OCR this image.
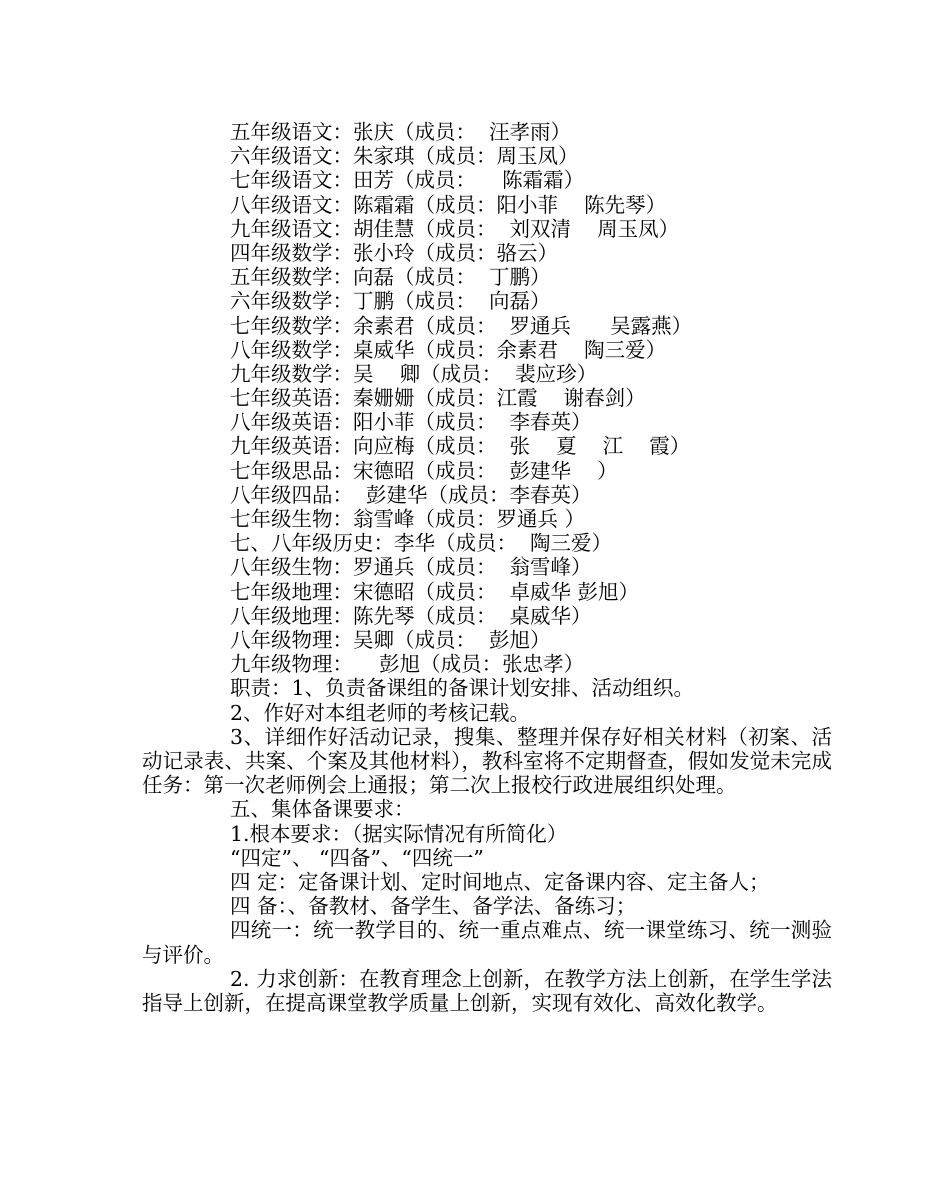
五年级语文：张庆（成员：  汪孝雨）
六年级语文：朱家琪（成员：周玉凤）
七年级语文：田芳（成员：    陈霜霜）
八年级语文：陈霜霜（成员：阳小菲    陈先琴）
九年级语文：胡佳慧（成员：  刘双清    周玉凤）
四年级数学：张小玲（成员：骆云）
五年级数学：向磊（成员：  丁鹏）
六年级数学：丁鹏（成员：  向磊）
七年级数学：余素君（成员：  罗通兵      吴露燕）
八年级数学：桌威华（成员：余素君    陶三爱）
九年级数学：吴    卿（成员：  裴应珍）
七年级英语：秦姗姗（成员：江霞    谢春剑）
八年级英语：阳小菲（成员：  李春英）
九年级英语：向应梅（成员：  张    夏    江    霞）
七年级思品：宋德昭（成员：  彭建华    ）
八年级四品：  彭建华（成员：李春英）
七年级生物：翁雪峰（成员：罗通兵 ）
七、八年级历史：李华（成员：  陶三爱）
八年级生物：罗通兵（成员：  翁雪峰）
七年级地理：宋德昭（成员：  卓威华 彭旭）
八年级地理：陈先琴（成员：  桌威华）
八年级物理：吴卿（成员：  彭旭）
九年级物理：    彭旭（成员：张忠孝）

职责：1、负责备课组的备课计划安排、活动组织。

2、作好对本组老师的考核记载。

3、详细作好活动记录，搜集、整理并保存好相关材料（初案、活动记录表、共案、个案及其他材料），教科室将不定期督查，假如发觉未完成任务：第一次老师例会上通报；第二次上报校行政进展组织处理。

五、集体备课要求：

1.根本要求：（据实际情况有所简化）

“四定”、 “四备”、“四统一”

四 定：定备课计划、定时间地点、定备课内容、定主备人；

四 备：、备教材、备学生、备学法、备练习；

四统一：统一教学目的、统一重点难点、统一课堂练习、统一测验与评价。

2. 力求创新：在教育理念上创新，在教学方法上创新，在学生学法指导上创新，在提高课堂教学质量上创新，实现有效化、高效化教学。
